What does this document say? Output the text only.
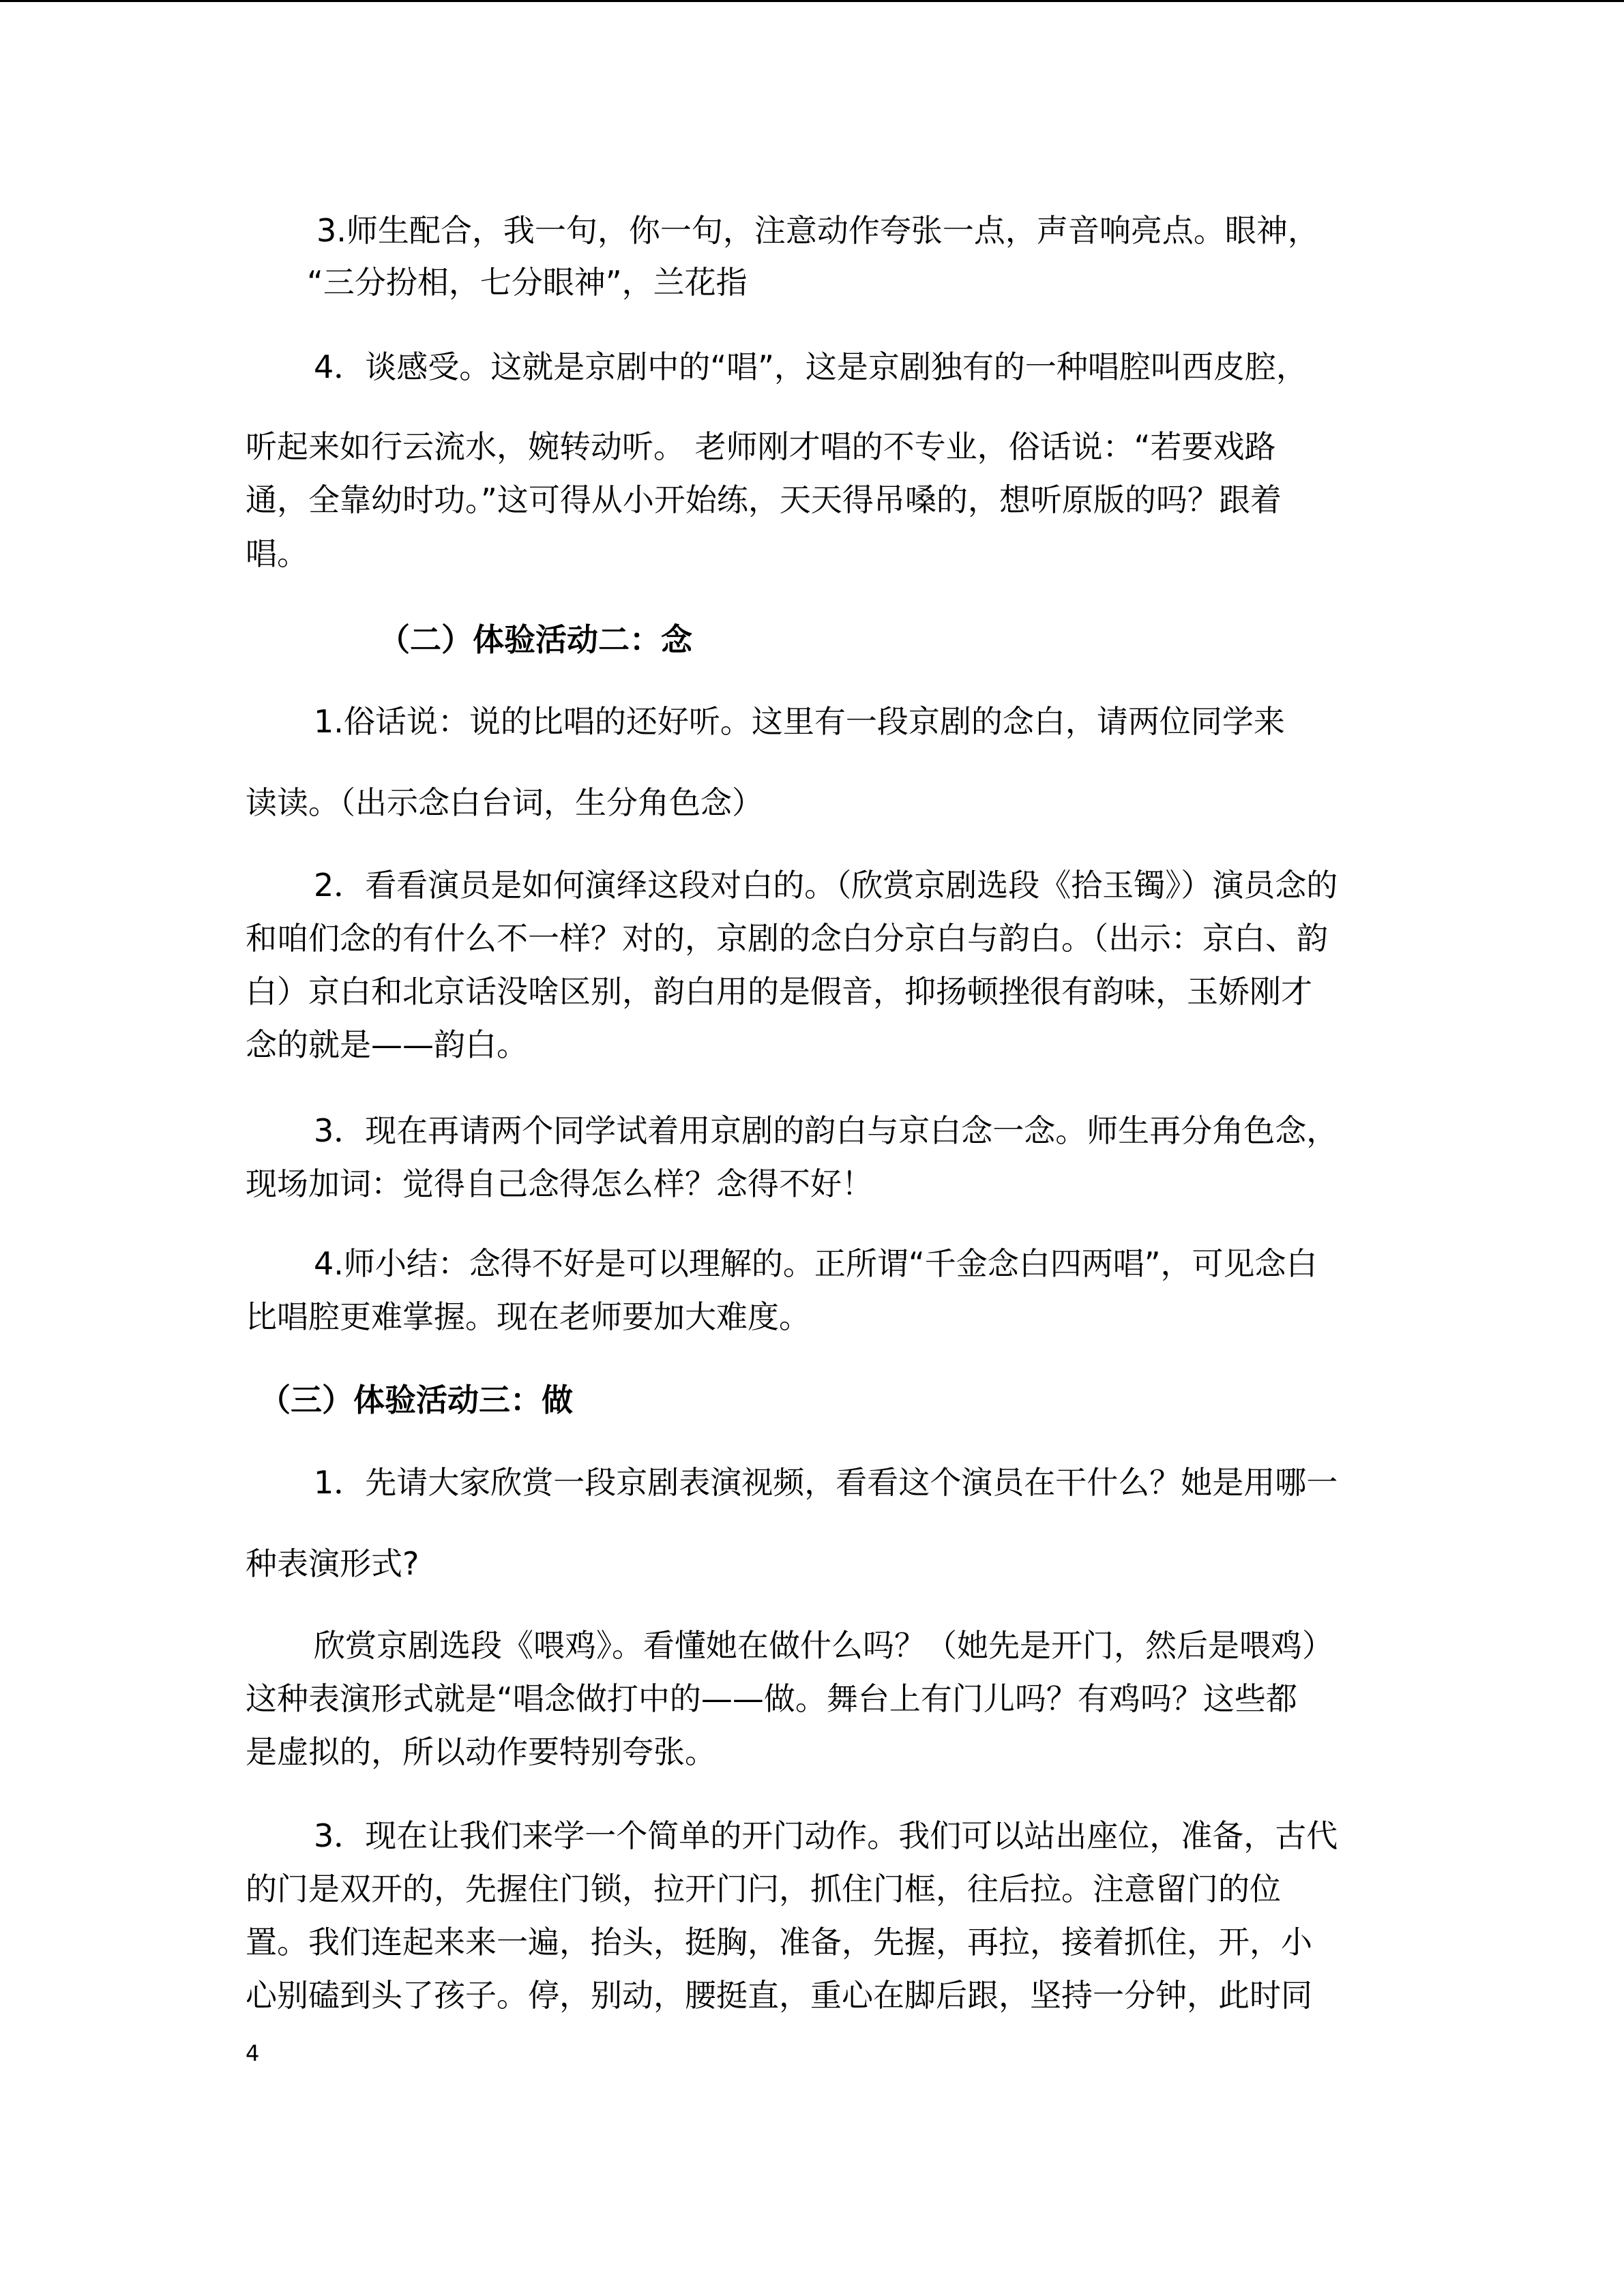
3.师生配合，我一句，你一句，注意动作夸张一点，声音响亮点。眼神，

“三分扮相，七分眼神”，兰花指

4．谈感受。这就是京剧中的“唱”，这是京剧独有的一种唱腔叫西皮腔，

听起来如行云流水，婉转动听。 老师刚才唱的不专业，俗话说：“若要戏路

通，全靠幼时功。”这可得从小开始练，天天得吊嗓的，想听原版的吗？跟着

唱。

（二）体验活动二：念

1.俗话说：说的比唱的还好听。这里有一段京剧的念白，请两位同学来

读读。（出示念白台词，生分角色念）

2．看看演员是如何演绎这段对白的。（欣赏京剧选段《拾玉镯》）演员念的

和咱们念的有什么不一样？对的，京剧的念白分京白与韵白。（出示：京白、韵

白）京白和北京话没啥区别，韵白用的是假音，抑扬顿挫很有韵味，玉娇刚才

念的就是——韵白。

3．现在再请两个同学试着用京剧的韵白与京白念一念。师生再分角色念，

现场加词：觉得自己念得怎么样？念得不好！

4.师小结：念得不好是可以理解的。正所谓“千金念白四两唱”，可见念白

比唱腔更难掌握。现在老师要加大难度。

（三）体验活动三：做

1．先请大家欣赏一段京剧表演视频，看看这个演员在干什么？她是用哪一

种表演形式?

欣赏京剧选段《喂鸡》。看懂她在做什么吗？（她先是开门，然后是喂鸡）

这种表演形式就是“唱念做打中的——做。舞台上有门儿吗？有鸡吗？这些都

是虚拟的，所以动作要特别夸张。

3．现在让我们来学一个简单的开门动作。我们可以站出座位，准备，古代

的门是双开的，先握住门锁，拉开门闩，抓住门框，往后拉。注意留门的位

置。我们连起来来一遍，抬头，挺胸，准备，先握，再拉，接着抓住，开，小

心别磕到头了孩子。停，别动，腰挺直，重心在脚后跟，坚持一分钟，此时同

4
